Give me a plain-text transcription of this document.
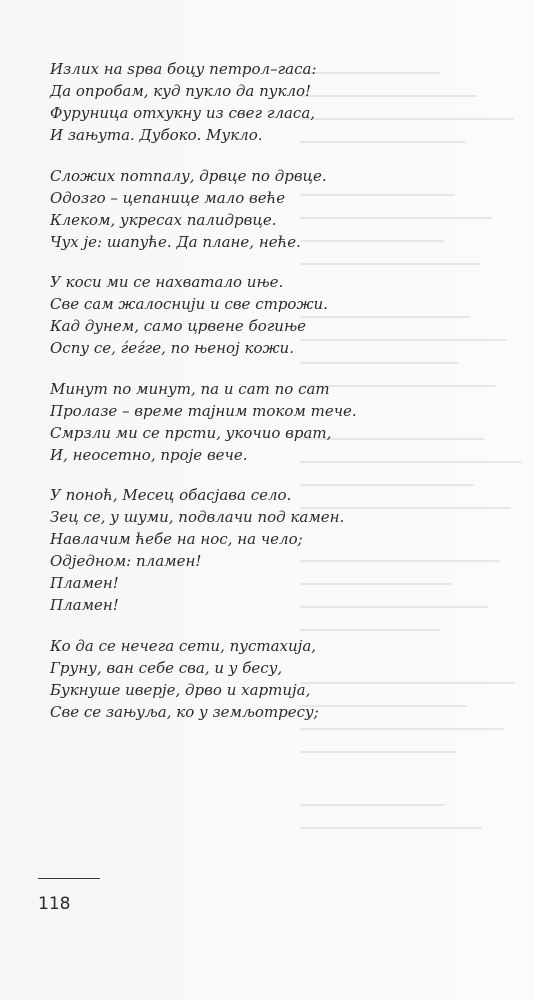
Излих на ѕрва боцу петрол–гаса:
Да опробам, куд пукло да пукло!
Фуруница отхукну из свег гласа,
И зањута. Дубоко. Мукло.
Сложих потпалу, дрвце по дрвце.
Одозго – цепанице мало веће
Клеком, укресах палидрвце.
Чух је: шапуће. Да плане, неће.
У коси ми се нахватало иње.
Све сам жалоснији и све строжи.
Кад дунем, само црвене богиње
Оспу се, ѓеѓге, по њеној кожи.
Минут по минут, па и сат по сат
Пролазе – време тајним током тече.
Смрзли ми се прсти, укочио врат,
И, неосетно, пројe вече.
У поноћ, Месец обасјава село.
Зец се, у шуми, подвлачи под камен.
Навлачим ћебе на нос, на чело;
Одједном: пламен!
Пламен!
Пламен!
Ко да се нечега сети, пустахија,
Груну, ван себе сва, и у бесу,
Букнуше иверје, дрво и хартија,
Све се зањуља, ко у земљотресу;
118
